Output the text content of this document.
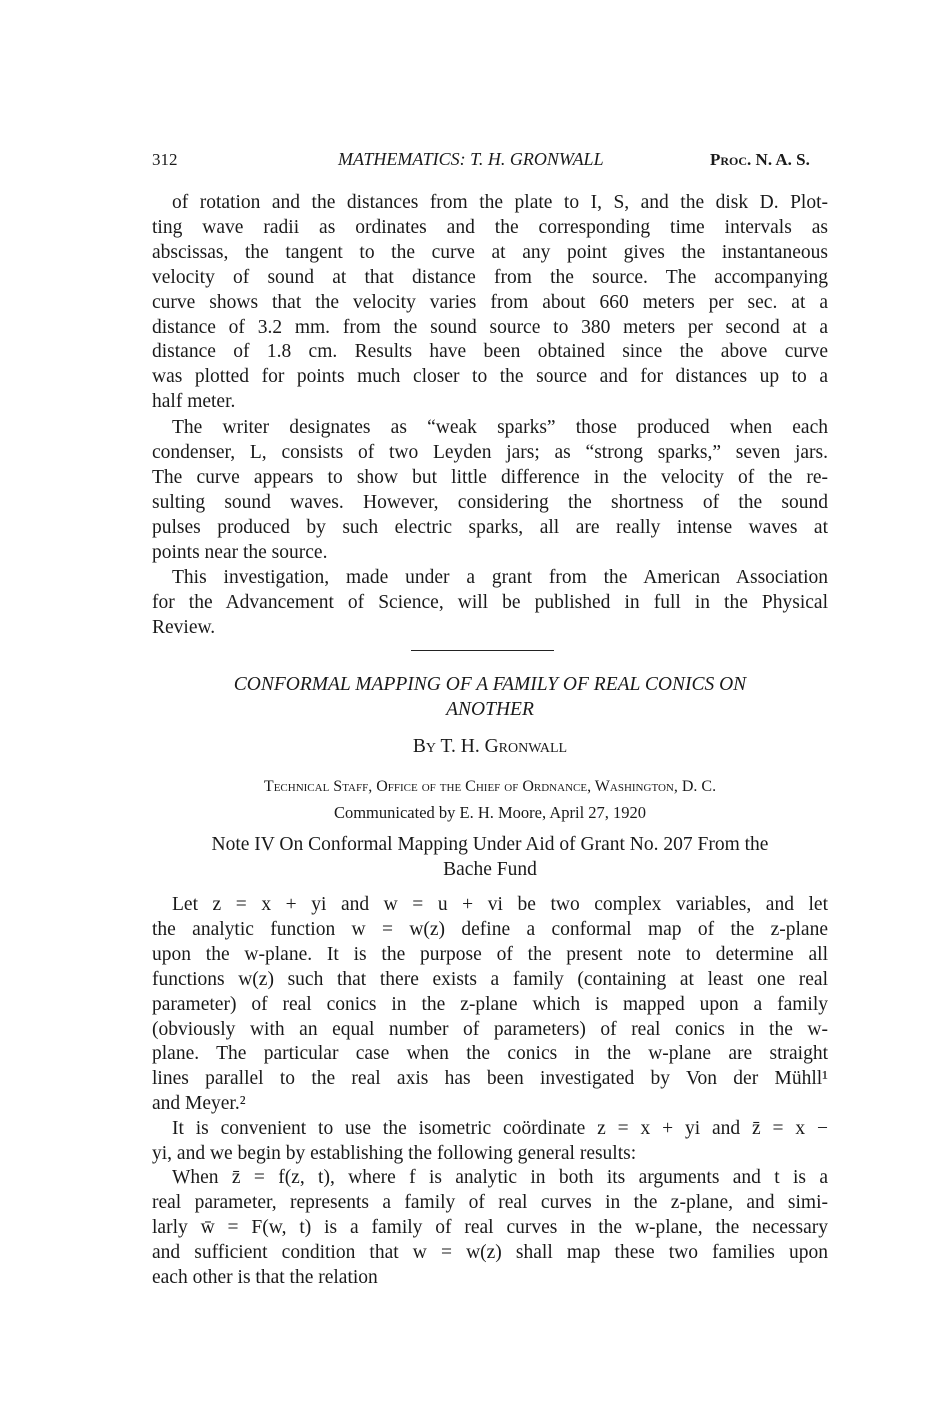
312	MATHEMATICS: T. H. GRONWALL	Proc. N. A. S.
of rotation and the distances from the plate to I, S, and the disk D. Plot-
ting wave radii as ordinates and the corresponding time intervals as
abscissas, the tangent to the curve at any point gives the instantaneous
velocity of sound at that distance from the source. The accompanying
curve shows that the velocity varies from about 660 meters per sec. at a
distance of 3.2 mm. from the sound source to 380 meters per second at a
distance of 1.8 cm. Results have been obtained since the above curve
was plotted for points much closer to the source and for distances up to a
half meter.
The writer designates as “weak sparks” those produced when each
condenser, L, consists of two Leyden jars; as “strong sparks,” seven jars.
The curve appears to show but little difference in the velocity of the re-
sulting sound waves. However, considering the shortness of the sound
pulses produced by such electric sparks, all are really intense waves at
points near the source.
This investigation, made under a grant from the American Association
for the Advancement of Science, will be published in full in the Physical
Review.
Let z = x + yi and w = u + vi be two complex variables, and let
the analytic function w = w(z) define a conformal map of the z-plane
upon the w-plane. It is the purpose of the present note to determine all
functions w(z) such that there exists a family (containing at least one real
parameter) of real conics in the z-plane which is mapped upon a family
(obviously with an equal number of parameters) of real conics in the w-
plane. The particular case when the conics in the w-plane are straight
lines parallel to the real axis has been investigated by Von der Mühll¹
and Meyer.²
It is convenient to use the isometric coördinate z = x + yi and z̄ = x −
yi, and we begin by establishing the following general results:
When z̄ = f(z, t), where f is analytic in both its arguments and t is a
real parameter, represents a family of real curves in the z-plane, and simi-
larly w̄ = F(w, t) is a family of real curves in the w-plane, the necessary
and sufficient condition that w = w(z) shall map these two families upon
each other is that the relation
CONFORMAL MAPPING OF A FAMILY OF REAL CONICS ON
ANOTHER
By T. H. Gronwall
Technical Staff, Office of the Chief of Ordnance, Washington, D. C.
Communicated by E. H. Moore, April 27, 1920
Note IV On Conformal Mapping Under Aid of Grant No. 207 From the
Bache Fund
